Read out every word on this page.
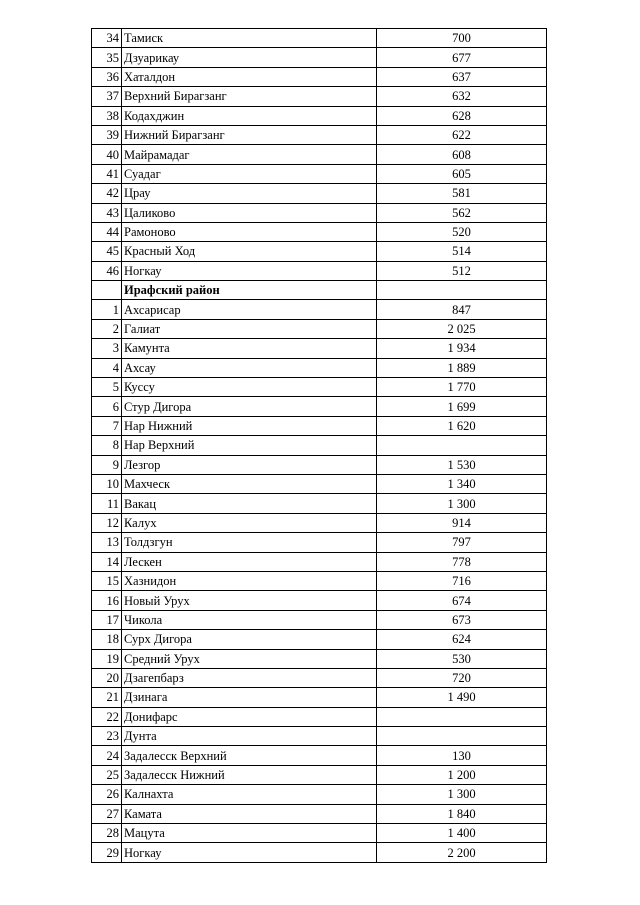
34	Тамиск	700
35	Дзуарикау	677
36	Хаталдон	637
37	Верхний Бирагзанг	632
38	Кодахджин	628
39	Нижний Бирагзанг	622
40	Майрамадаг	608
41	Суадаг	605
42	Црау	581
43	Цаликово	562
44	Рамоново	520
45	Красный Ход	514
46	Ногкау	512
	Ирафский район	
1	Ахсарисар	847
2	Галиат	2 025
3	Камунта	1 934
4	Ахсау	1 889
5	Куссу	1 770
6	Стур Дигора	1 699
7	Нар Нижний	1 620
8	Нар Верхний	
9	Лезгор	1 530
10	Махческ	1 340
11	Вакац	1 300
12	Калух	914
13	Толдзгун	797
14	Лескен	778
15	Хазнидон	716
16	Новый Урух	674
17	Чикола	673
18	Сурх Дигора	624
19	Средний Урух	530
20	Дзагепбарз	720
21	Дзинага	1 490
22	Донифарс	
23	Дунта	
24	Задалесск Верхний	130
25	Задалесск Нижний	1 200
26	Калнахта	1 300
27	Камата	1 840
28	Мацута	1 400
29	Ногкау	2 200
